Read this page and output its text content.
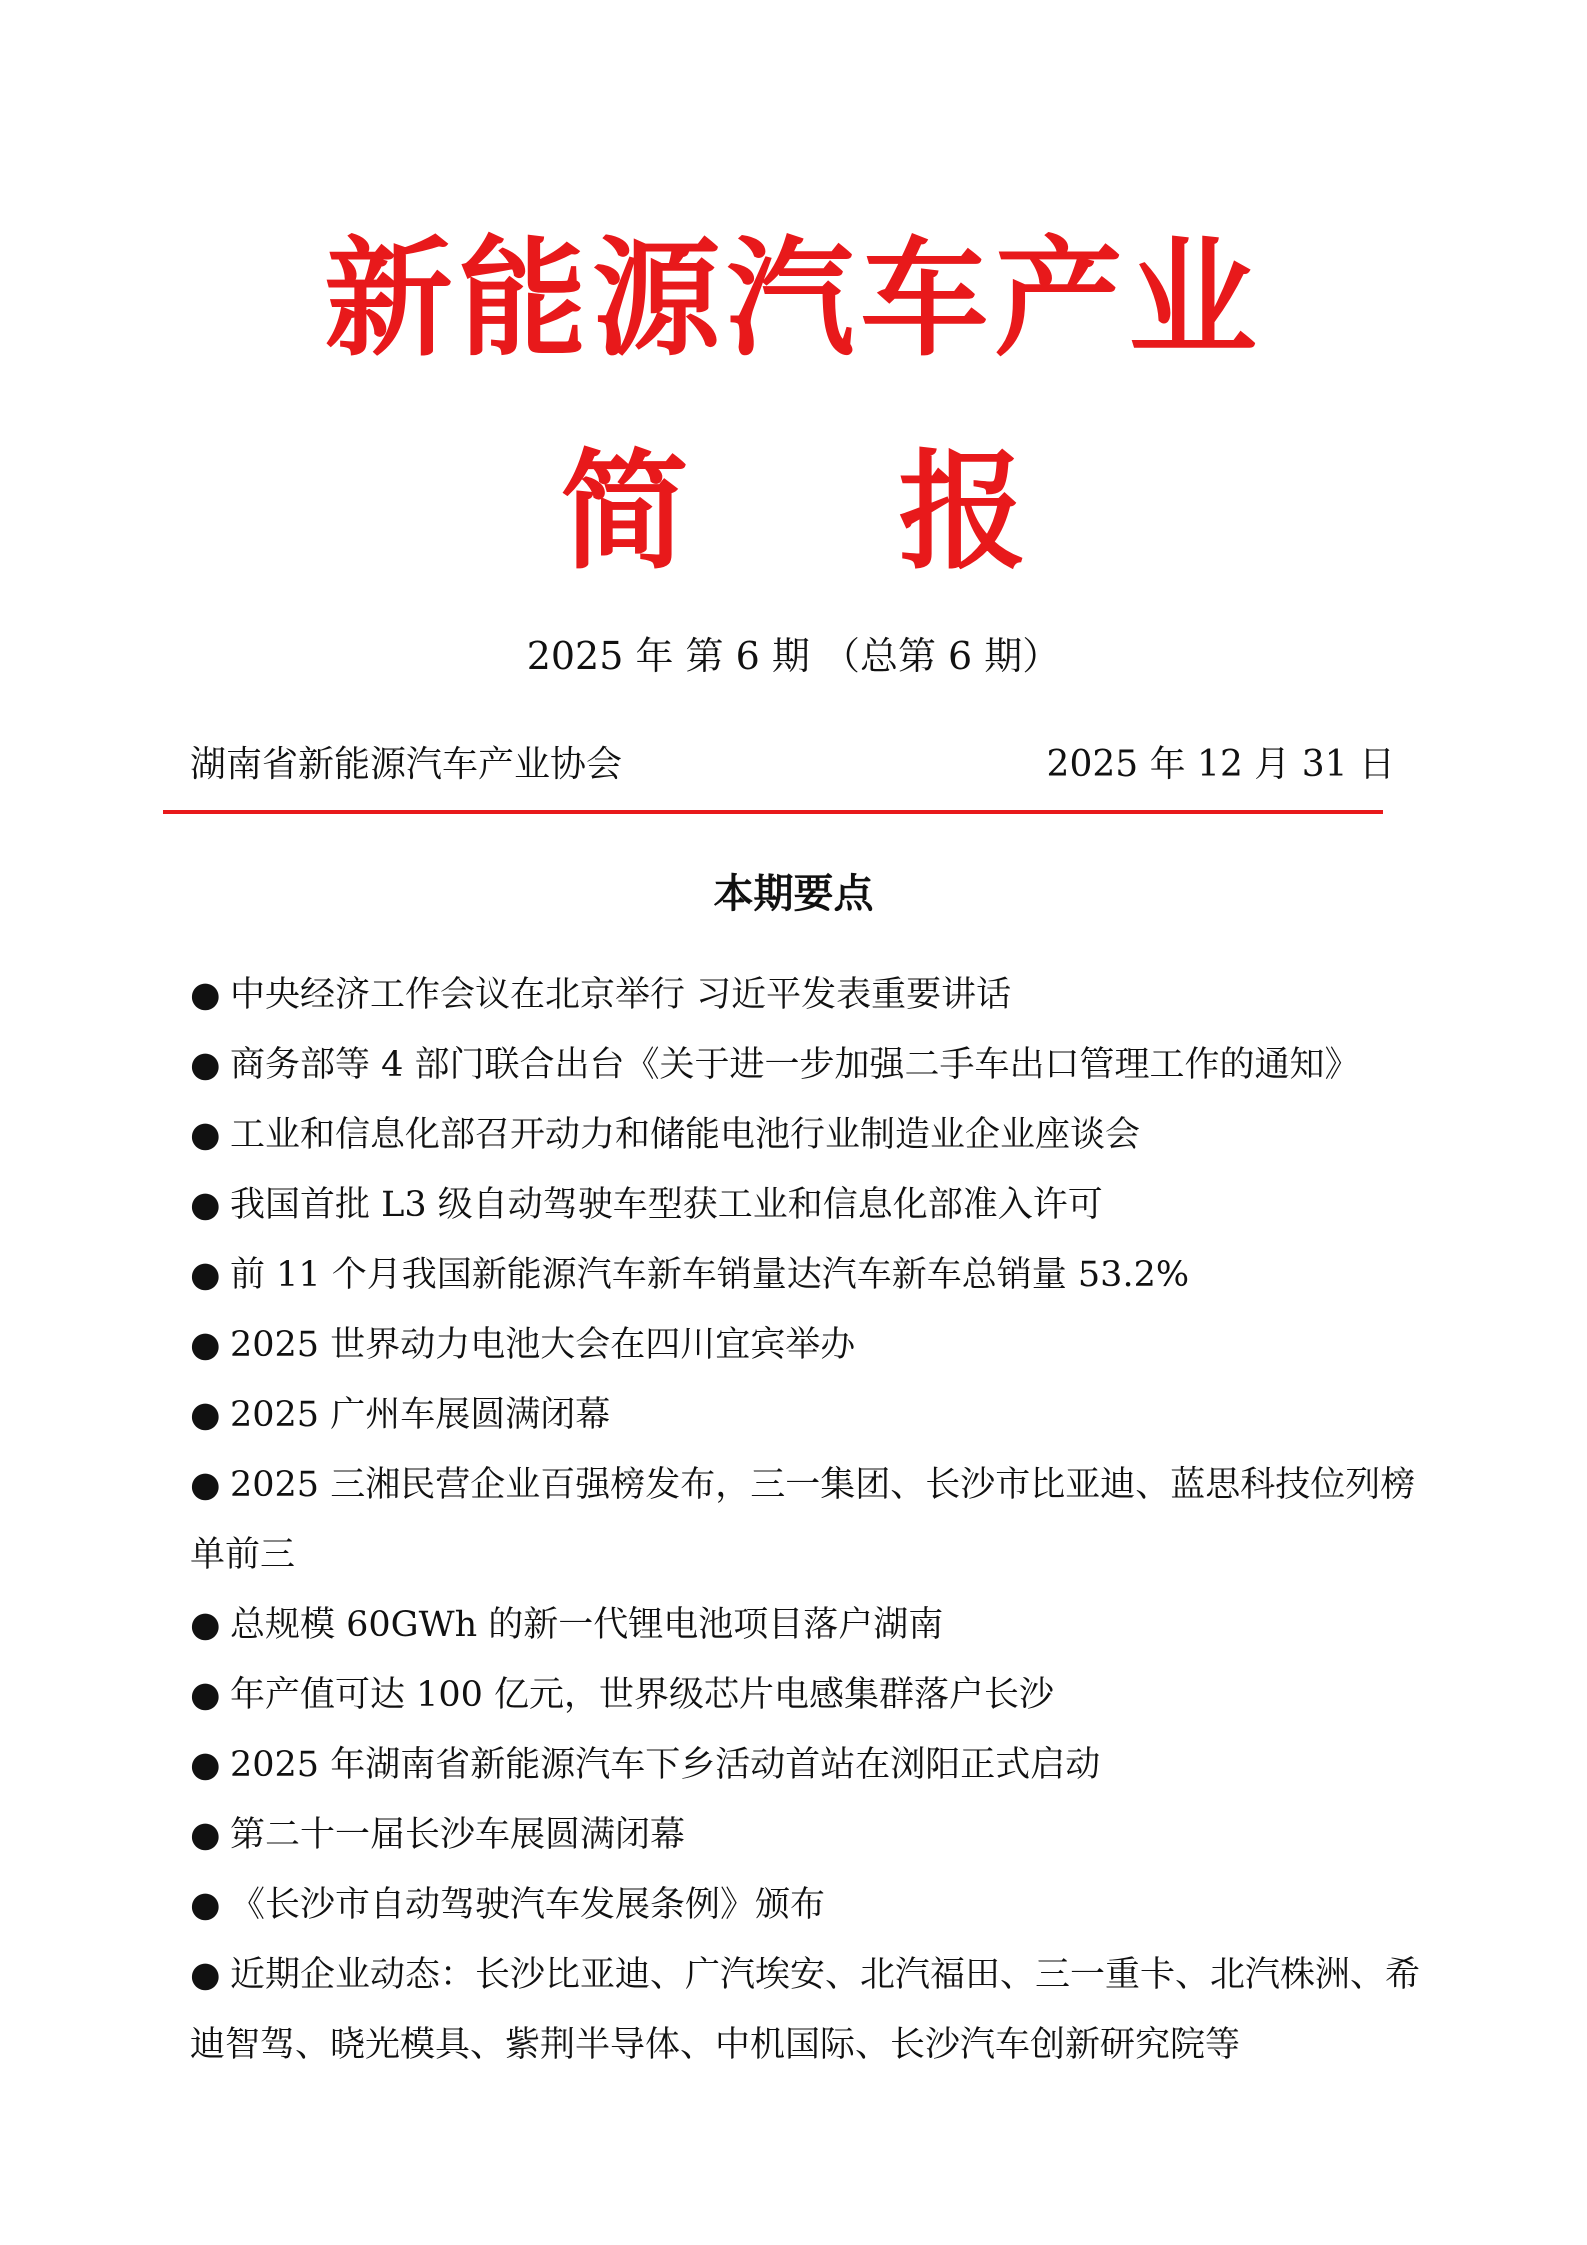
新能源汽车产业
简 报
2025 年 第 6 期 （总第 6 期）
湖南省新能源汽车产业协会	2025 年 12 月 31 日
本期要点
● 中央经济工作会议在北京举行 习近平发表重要讲话
● 商务部等 4 部门联合出台《关于进一步加强二手车出口管理工作的通知》
● 工业和信息化部召开动力和储能电池行业制造业企业座谈会
● 我国首批 L3 级自动驾驶车型获工业和信息化部准入许可
● 前 11 个月我国新能源汽车新车销量达汽车新车总销量 53.2%
● 2025 世界动力电池大会在四川宜宾举办
● 2025 广州车展圆满闭幕
● 2025 三湘民营企业百强榜发布，三一集团、长沙市比亚迪、蓝思科技位列榜单前三
● 总规模 60GWh 的新一代锂电池项目落户湖南
● 年产值可达 100 亿元，世界级芯片电感集群落户长沙
● 2025 年湖南省新能源汽车下乡活动首站在浏阳正式启动
● 第二十一届长沙车展圆满闭幕
● 《长沙市自动驾驶汽车发展条例》颁布
● 近期企业动态：长沙比亚迪、广汽埃安、北汽福田、三一重卡、北汽株洲、希迪智驾、晓光模具、紫荆半导体、中机国际、长沙汽车创新研究院等
